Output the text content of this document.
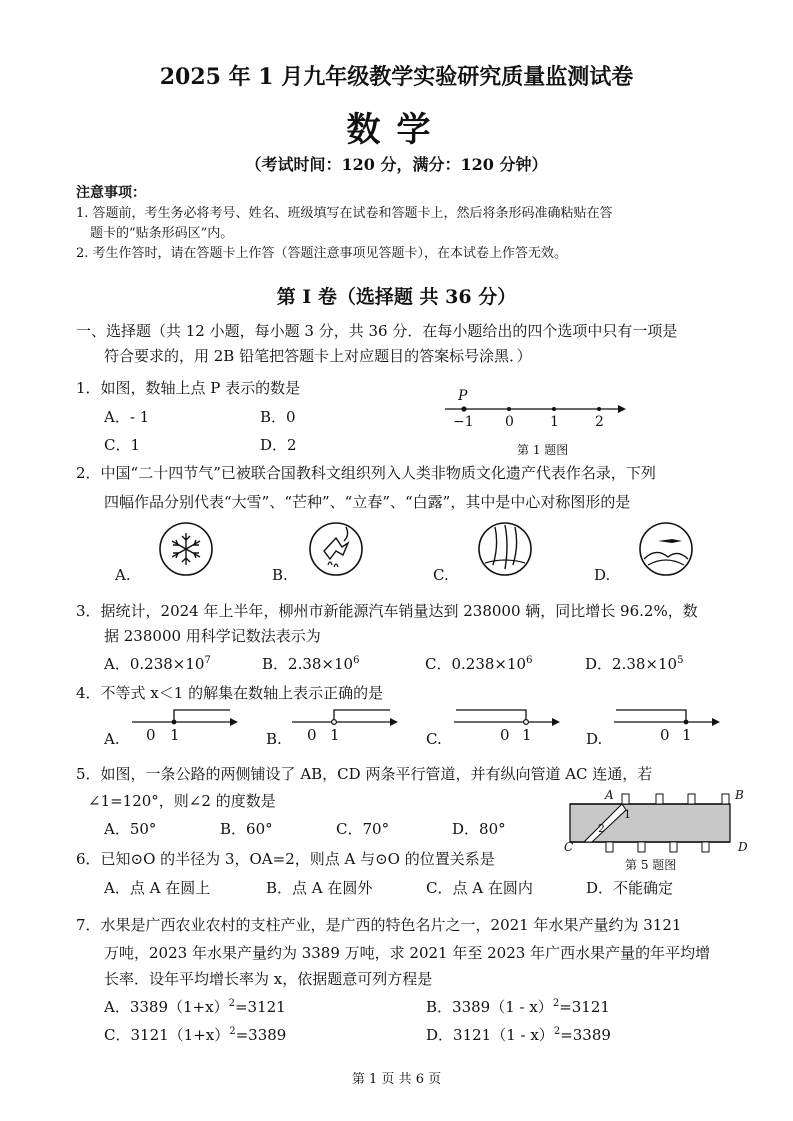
2025 年 1 月九年级教学实验研究质量监测试卷
数学
（考试时间：120 分，满分：120 分钟）
注意事项：
1. 答题前，考生务必将考号、姓名、班级填写在试卷和答题卡上，然后将条形码准确粘贴在答
题卡的“贴条形码区”内。
2. 考生作答时，请在答题卡上作答（答题注意事项见答题卡），在本试卷上作答无效。
第 I 卷（选择题 共 36 分）
一、选择题（共 12 小题，每小题 3 分，共 36 分．在每小题给出的四个选项中只有一项是
符合要求的，用 2B 铅笔把答题卡上对应题目的答案标号涂黑．）
1．如图，数轴上点 P 表示的数是
A．- 1	B．0
C．1	D．2
P
−1 0	1	2
第 1 题图
2．中国“二十四节气”已被联合国教科文组织列入人类非物质文化遗产代表作名录，下列
四幅作品分别代表“大雪”、“芒种”、“立春”、“白露”，其中是中心对称图形的是
A.	B.	C.	D.
3．据统计，2024 年上半年，柳州市新能源汽车销量达到 238000 辆，同比增长 96.2%，数
据 238000 用科学记数法表示为
A．$0.238\times 10^7$	B．$2.38\times 10^6$	C．$0.238\times 10^6$	D．$2.38\times 10^5$
4．不等式 x＜1 的解集在数轴上表示正确的是
A. 0 1	B. 0 1	C.	0 1	D.	0 1
5．如图，一条公路的两侧铺设了 AB，CD 两条平行管道，并有纵向管道 AC 连通，若
∠1=120°，则∠2 的度数是
A．50°	B．60°	C．70°	D．80°
A	B
C	D
1
2
第 5 题图
6．已知⊙O 的半径为 3，OA=2，则点 A 与⊙O 的位置关系是
A．点 A 在圆上	B．点 A 在圆外	C．点 A 在圆内	D．不能确定
7．水果是广西农业农村的支柱产业，是广西的特色名片之一，2021 年水果产量约为 3121
万吨，2023 年水果产量约为 3389 万吨，求 2021 年至 2023 年广西水果产量的年平均增
长率．设年平均增长率为 x，依据题意可列方程是
A．$3389(1+x)^2=3121$	B．3389（1 - x）$^2$=3121
C．$3121(1+x)^2=3389$	D．3121（1 - x）$^2$=3389
第 1 页 共 6 页
